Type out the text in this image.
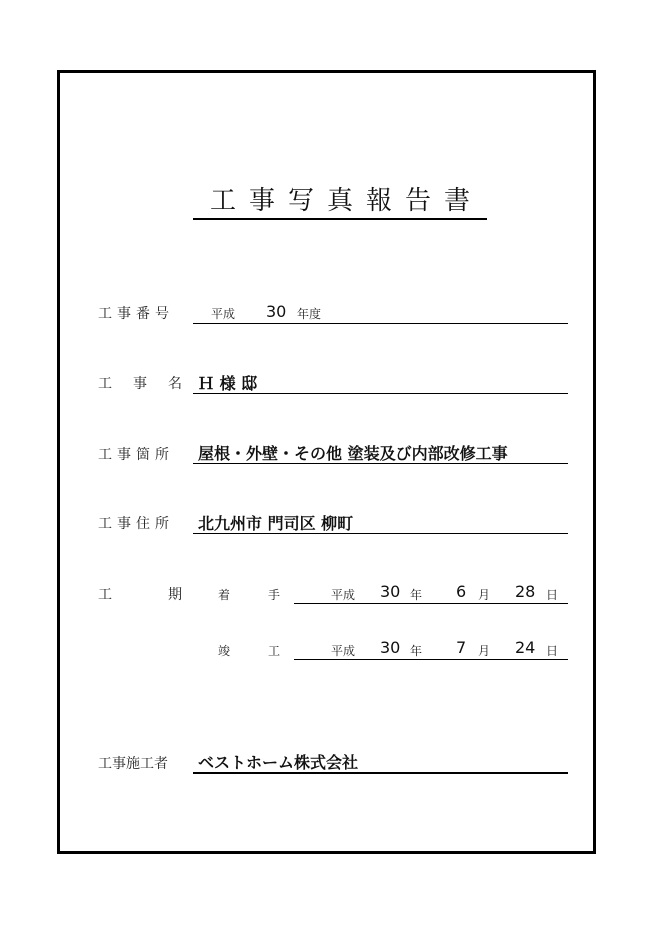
工事写真報告書
工事番号	平成 30 年度
工事名
Ｈ 様 邸
工事箇所 屋根・外壁・その他 塗装及び内部改修工事
工事住所 北九州市 門司区 柳町
工期
着手 平成 30 年 6 月 28 日
竣工 平成 30 年 7 月 24 日
工事施工者 ベストホーム株式会社
